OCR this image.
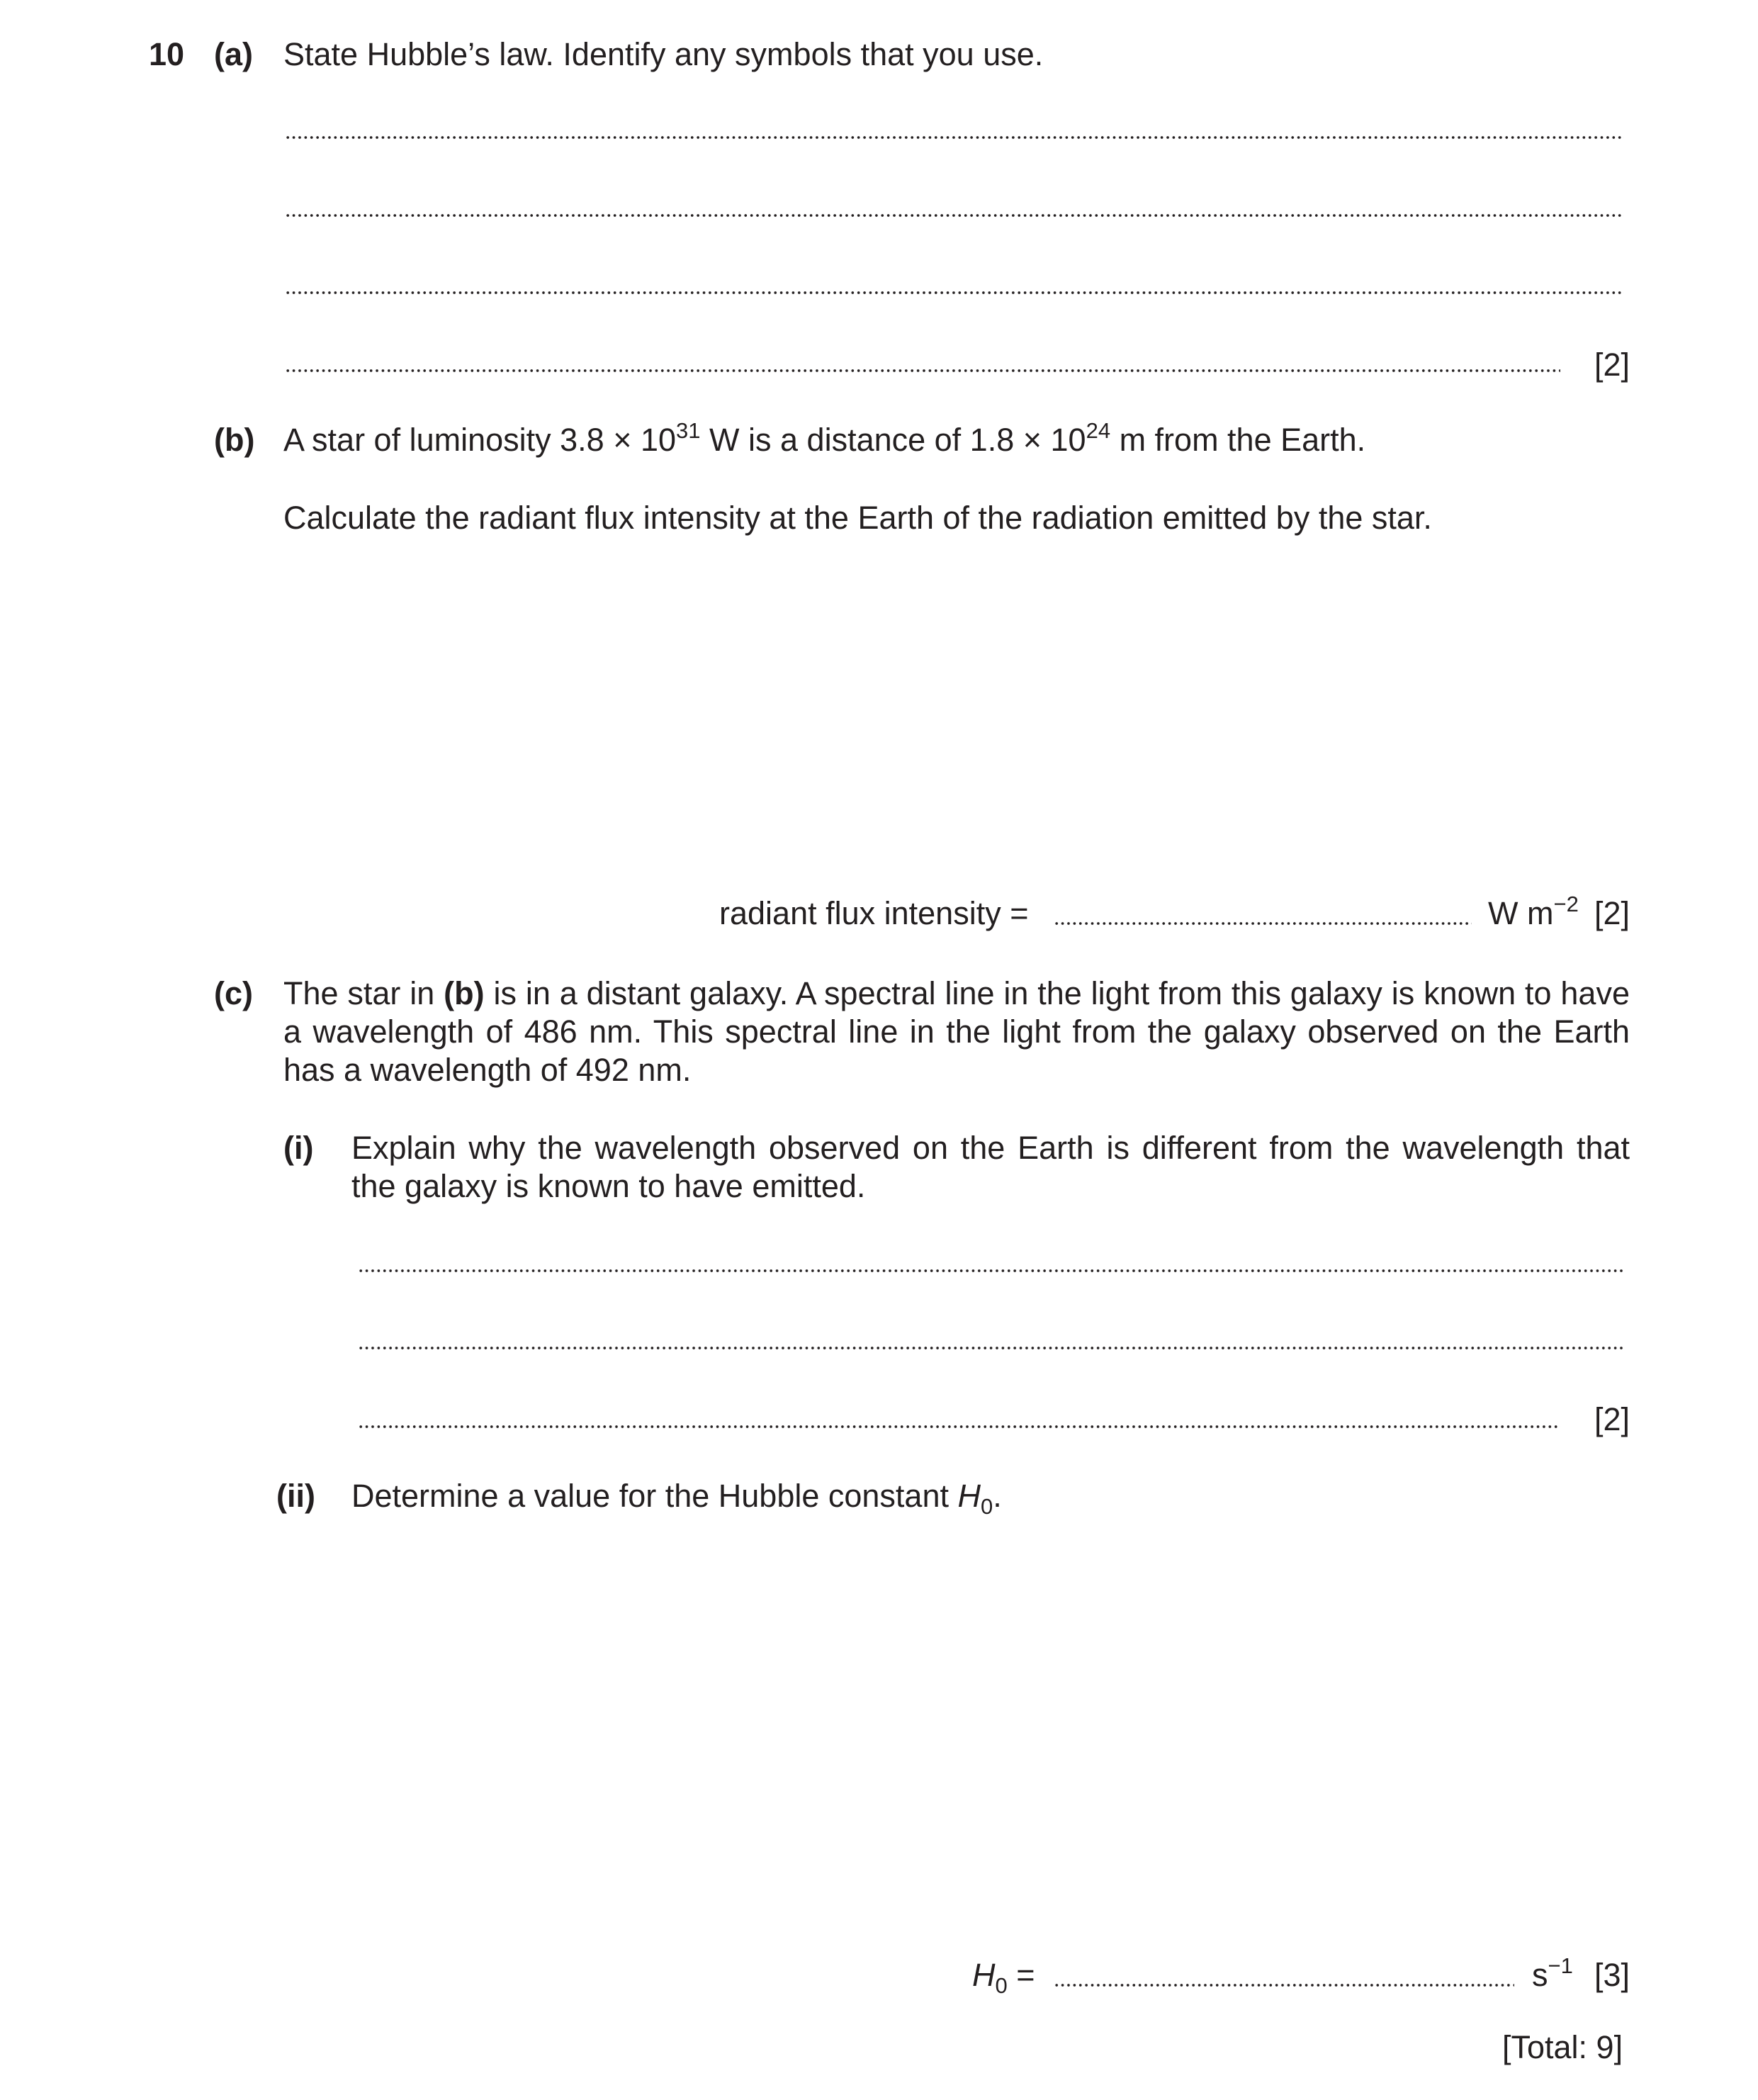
10 (a) State Hubble’s law. Identify any symbols that you use.
[2]
(b) A star of luminosity $3.8 \times 10^{31}$ W is a distance of $1.8 \times 10^{24}$ m from the Earth.
Calculate the radiant flux intensity at the Earth of the radiation emitted by the star.
radiant flux intensity =	W $m^{-2}$ [2]
(c) The star in (b) is in a distant galaxy. A spectral line in the light from this galaxy is known to have a wavelength of 486 nm. This spectral line in the light from the galaxy observed on the Earth has a wavelength of 492 nm.
(i) Explain why the wavelength observed on the Earth is different from the wavelength that the galaxy is known to have emitted.
[2]
(ii) Determine a value for the Hubble constant $H_0$.
$H_0$ =	$s^{-1}$ [3]
[Total: 9]
